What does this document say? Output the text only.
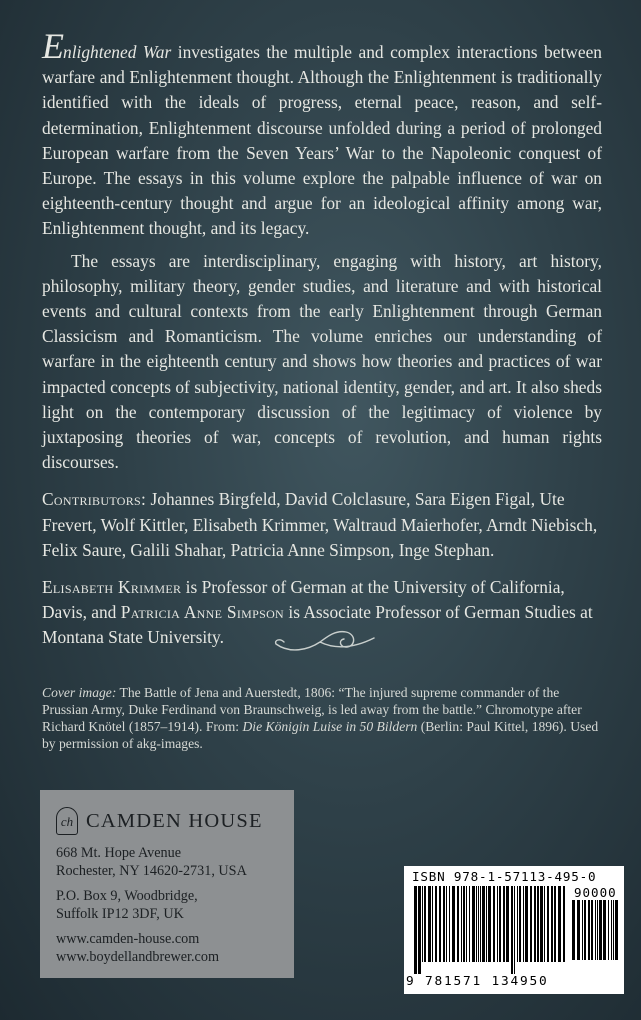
Enlightened War investigates the multiple and complex interactions between warfare and Enlightenment thought. Although the Enlightenment is traditionally identified with the ideals of progress, eternal peace, reason, and self-determination, Enlightenment discourse unfolded during a period of prolonged European warfare from the Seven Years’ War to the Napoleonic conquest of Europe. The essays in this volume explore the palpable influence of war on eighteenth-century thought and argue for an ideological affinity among war, Enlightenment thought, and its legacy.

The essays are interdisciplinary, engaging with history, art history, philosophy, military theory, gender studies, and literature and with historical events and cultural contexts from the early Enlightenment through German Classicism and Romanticism. The volume enriches our understanding of warfare in the eighteenth century and shows how theories and practices of war impacted concepts of subjectivity, national identity, gender, and art. It also sheds light on the contemporary discussion of the legitimacy of violence by juxtaposing theories of war, concepts of revolution, and human rights discourses.

Contributors: Johannes Birgfeld, David Colclasure, Sara Eigen Figal, Ute Frevert, Wolf Kittler, Elisabeth Krimmer, Waltraud Maierhofer, Arndt Niebisch, Felix Saure, Galili Shahar, Patricia Anne Simpson, Inge Stephan.

Elisabeth Krimmer is Professor of German at the University of California, Davis, and Patricia Anne Simpson is Associate Professor of German Studies at Montana State University.

Cover image: The Battle of Jena and Auerstedt, 1806: “The injured supreme commander of the Prussian Army, Duke Ferdinand von Braunschweig, is led away from the battle.” Chromotype after Richard Knötel (1857–1914). From: Die Königin Luise in 50 Bildern (Berlin: Paul Kittel, 1896). Used by permission of akg-images.
ch CAMDEN HOUSE
668 Mt. Hope Avenue
Rochester, NY 14620-2731, USA
P.O. Box 9, Woodbridge,
Suffolk IP12 3DF, UK
www.camden-house.com
www.boydellandbrewer.com
ISBN 978-1-57113-495-0
90000
9 781571 134950
